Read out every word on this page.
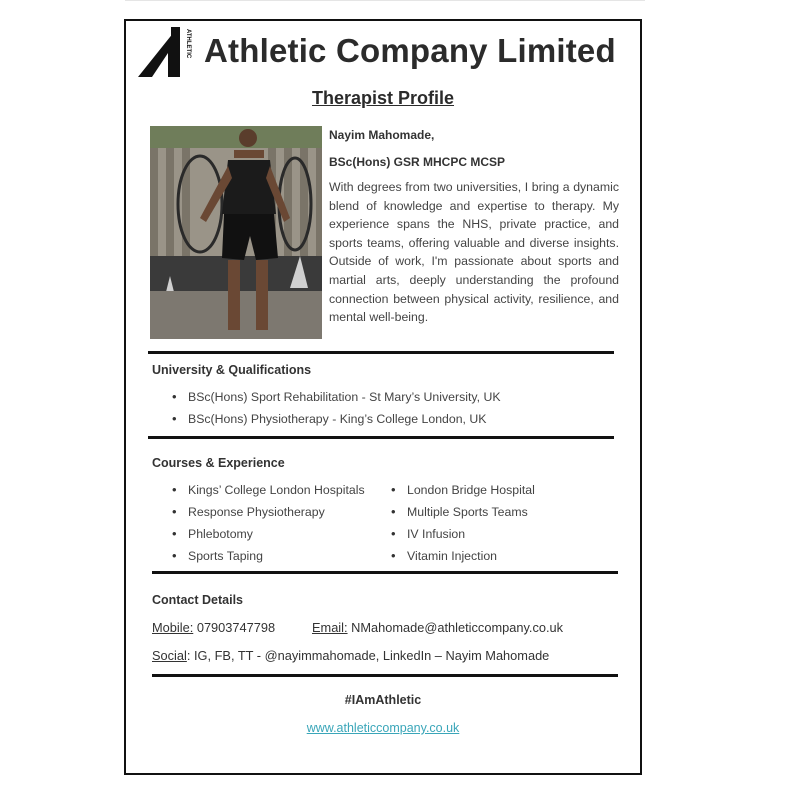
ATHLETIC Athletic Company Limited
Therapist Profile
Nayim Mahomade,
BSc(Hons) GSR MHCPC MCSP
With degrees from two universities, I bring a dynamic blend of knowledge and expertise to therapy. My experience spans the NHS, private practice, and sports teams, offering valuable and diverse insights. Outside of work, I'm passionate about sports and martial arts, deeply understanding the profound connection between physical activity, resilience, and mental well-being.
University & Qualifications
• BSc(Hons) Sport Rehabilitation - St Mary’s University, UK
• BSc(Hons) Physiotherapy - King’s College London, UK
Courses & Experience
• Kings’ College London Hospitals
• Response Physiotherapy
• Phlebotomy
• Sports Taping
• London Bridge Hospital
• Multiple Sports Teams
• IV Infusion
• Vitamin Injection
Contact Details
Mobile: 07903747798	Email: NMahomade@athleticcompany.co.uk
Social: IG, FB, TT - @nayimmahomade, LinkedIn – Nayim Mahomade
#IAmAthletic
www.athleticcompany.co.uk
